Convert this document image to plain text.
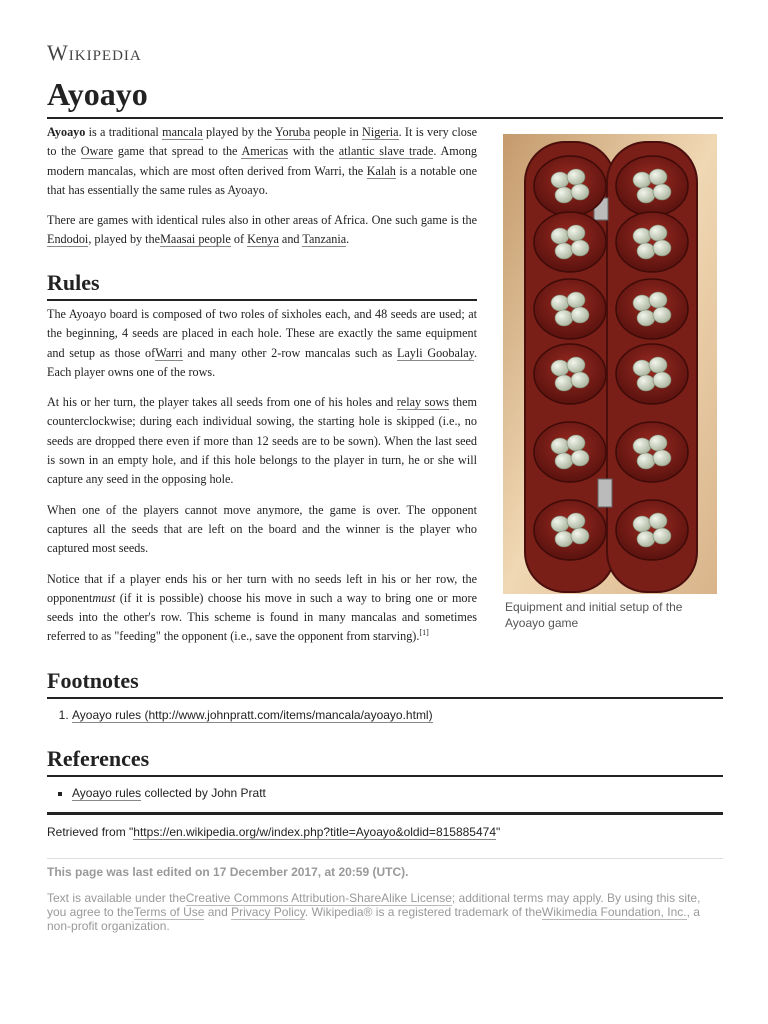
Wikipedia
Ayoayo

Ayoayo is a traditional mancala played by the Yoruba people in Nigeria. It is very close to the Oware game that spread to the Americas with the atlantic slave trade. Among modern mancalas, which are most often derived from Warri, the Kalah is a notable one that has essentially the same rules as Ayoayo.

There are games with identical rules also in other areas of Africa. One such game is the Endodoi, played by theMaasai people of Kenya and Tanzania.

Rules

The Ayoayo board is composed of two roles of sixholes each, and 48 seeds are used; at the beginning, 4 seeds are placed in each hole. These are exactly the same equipment and setup as those ofWarri and many other 2-row mancalas such as Layli Goobalay. Each player owns one of the rows.

At his or her turn, the player takes all seeds from one of his holes and relay sows them counterclockwise; during each individual sowing, the starting hole is skipped (i.e., no seeds are dropped there even if more than 12 seeds are to be sown). When the last seed is sown in an empty hole, and if this hole belongs to the player in turn, he or she will capture any seed in the opposing hole.

When one of the players cannot move anymore, the game is over. The opponent captures all the seeds that are left on the board and the winner is the player who captured most seeds.

Notice that if a player ends his or her turn with no seeds left in his or her row, the opponentmust (if it is possible) choose his move in such a way to bring one or more seeds into the other's row. This scheme is found in many mancalas and sometimes referred to as "feeding" the opponent (i.e., save the opponent from starving).[1]

Equipment and initial setup of the Ayoayo game
Footnotes
1. Ayoayo rules (http://www.johnpratt.com/items/mancala/ayoayo.html)
References
▪ Ayoayo rules collected by John Pratt
Retrieved from "https://en.wikipedia.org/w/index.php?title=Ayoayo&oldid=815885474"
This page was last edited on 17 December 2017, at 20:59 (UTC).
Text is available under theCreative Commons Attribution-ShareAlike License; additional terms may apply. By using this site, you agree to theTerms of Use and Privacy Policy. Wikipedia® is a registered trademark of theWikimedia Foundation, Inc., a non-profit organization.
